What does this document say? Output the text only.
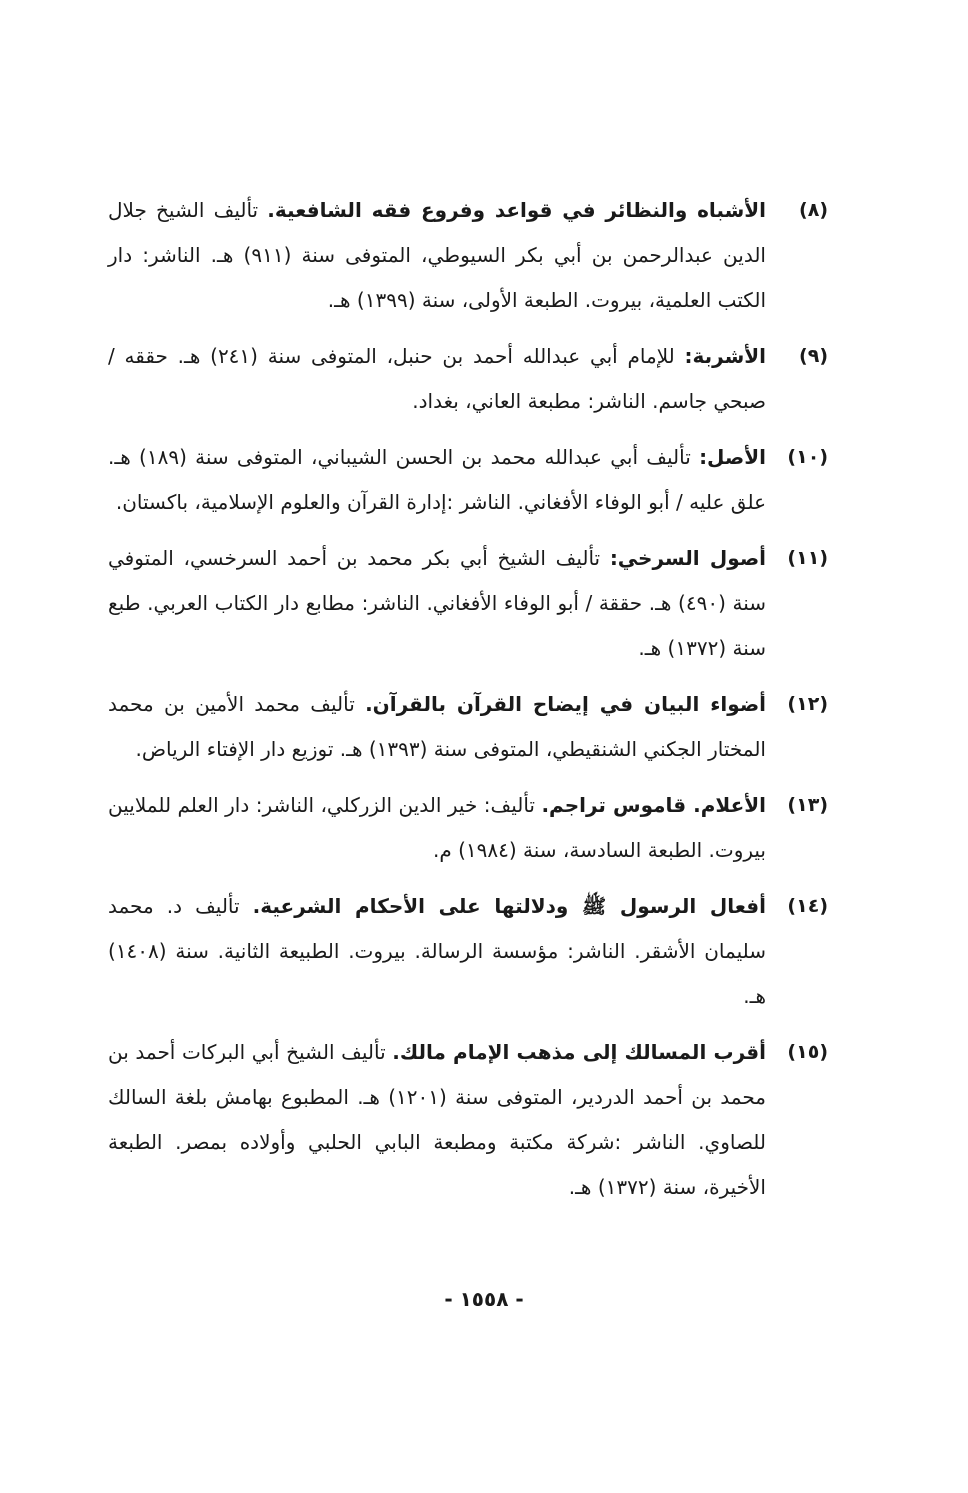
(٨)
الأشباه والنظائر في قواعد وفروع فقه الشافعية. تأليف الشيخ جلال الدين عبدالرحمن بن أبي بكر السيوطي، المتوفى سنة (٩١١) هـ. الناشر: دار الكتب العلمية، بيروت. الطبعة الأولى، سنة (١٣٩٩) هـ.
(٩)
الأشربة: للإمام أبي عبدالله أحمد بن حنبل، المتوفى سنة (٢٤١) هـ. حققه / صبحي جاسم. الناشر: مطبعة العاني، بغداد.
(١٠)
الأصل: تأليف أبي عبدالله محمد بن الحسن الشيباني، المتوفى سنة (١٨٩) هـ. علق عليه / أبو الوفاء الأفغاني. الناشر :إدارة القرآن والعلوم الإسلامية، باكستان.
(١١)
أصول السرخي: تأليف الشيخ أبي بكر محمد بن أحمد السرخسي، المتوفي سنة (٤٩٠) هـ. حققة / أبو الوفاء الأفغاني. الناشر: مطابع دار الكتاب العربي. طبع سنة (١٣٧٢) هـ.
(١٢)
أضواء البيان في إيضاح القرآن بالقرآن. تأليف محمد الأمين بن محمد المختار الجكني الشنقيطي، المتوفى سنة (١٣٩٣) هـ. توزيع دار الإفتاء الرياض.
(١٣)
الأعلام. قاموس تراجم. تأليف: خير الدين الزركلي، الناشر: دار العلم للملايين بيروت. الطبعة السادسة، سنة (١٩٨٤) م.
(١٤)
أفعال الرسول ﷺ ودلالتها على الأحكام الشرعية. تأليف د. محمد سليمان الأشقر. الناشر: مؤسسة الرسالة. بيروت. الطبيعة الثانية. سنة (١٤٠٨) هـ.
(١٥)
أقرب المسالك إلى مذهب الإمام مالك. تأليف الشيخ أبي البركات أحمد بن محمد بن أحمد الدردير، المتوفى سنة (١٢٠١) هـ. المطبوع بهامش بلغة السالك للصاوي. الناشر :شركة مكتبة ومطبعة البابي الحلبي وأولاده بمصر. الطبعة الأخيرة، سنة (١٣٧٢) هـ.
- ١٥٥٨ -
